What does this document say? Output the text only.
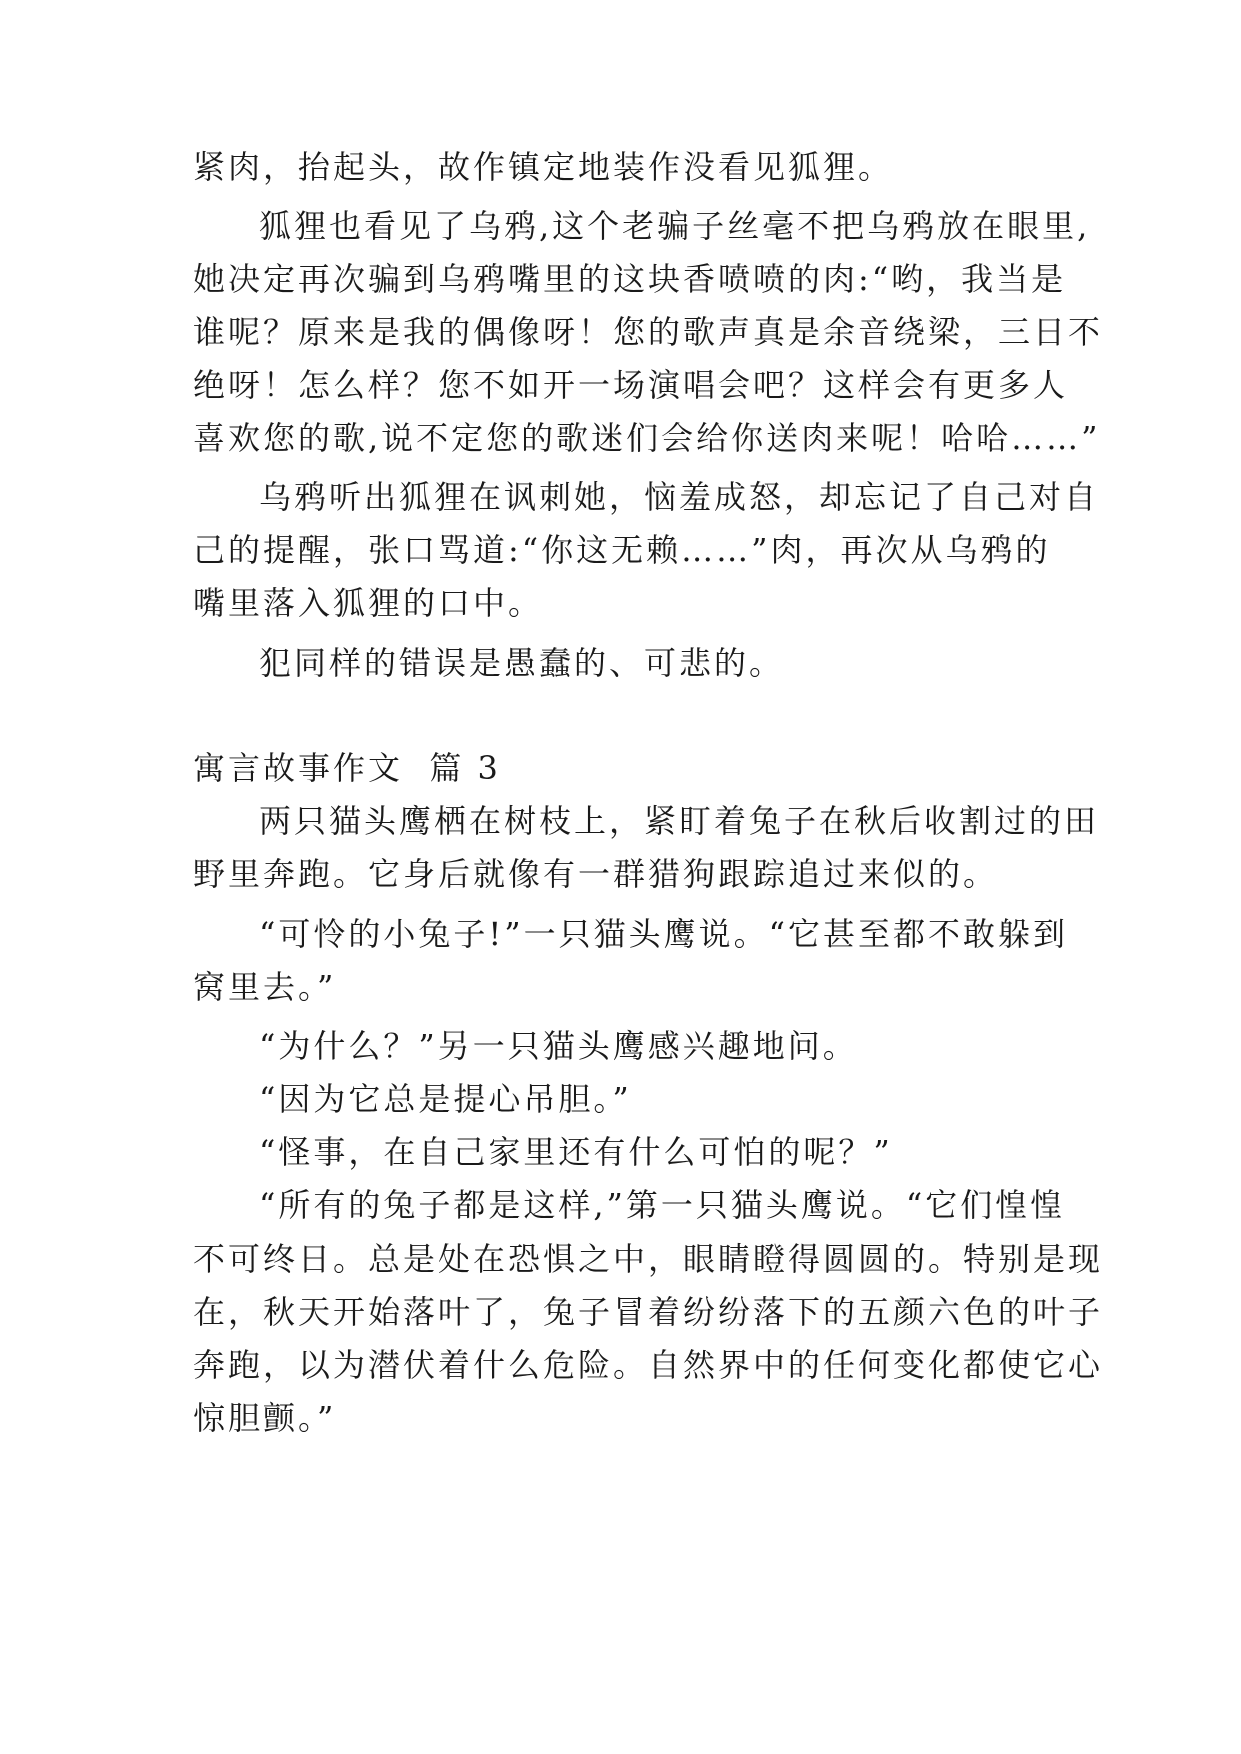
紧肉，抬起头，故作镇定地装作没看见狐狸。
狐狸也看见了乌鸦,这个老骗子丝毫不把乌鸦放在眼里,
她决定再次骗到乌鸦嘴里的这块香喷喷的肉:“哟，我当是
谁呢？原来是我的偶像呀！您的歌声真是余音绕梁，三日不
绝呀！怎么样？您不如开一场演唱会吧？这样会有更多人
喜欢您的歌,说不定您的歌迷们会给你送肉来呢！哈哈……”
乌鸦听出狐狸在讽刺她，恼羞成怒，却忘记了自己对自
己的提醒，张口骂道:“你这无赖……”肉，再次从乌鸦的
嘴里落入狐狸的口中。
犯同样的错误是愚蠢的、可悲的。
寓言故事作文  篇 3
两只猫头鹰栖在树枝上，紧盯着兔子在秋后收割过的田
野里奔跑。它身后就像有一群猎狗跟踪追过来似的。
“可怜的小兔子!”一只猫头鹰说。“它甚至都不敢躲到
窝里去。”
“为什么？”另一只猫头鹰感兴趣地问。
“因为它总是提心吊胆。”
“怪事，在自己家里还有什么可怕的呢？”
“所有的兔子都是这样,”第一只猫头鹰说。“它们惶惶
不可终日。总是处在恐惧之中，眼睛瞪得圆圆的。特别是现
在，秋天开始落叶了，兔子冒着纷纷落下的五颜六色的叶子
奔跑，以为潜伏着什么危险。自然界中的任何变化都使它心
惊胆颤。”
